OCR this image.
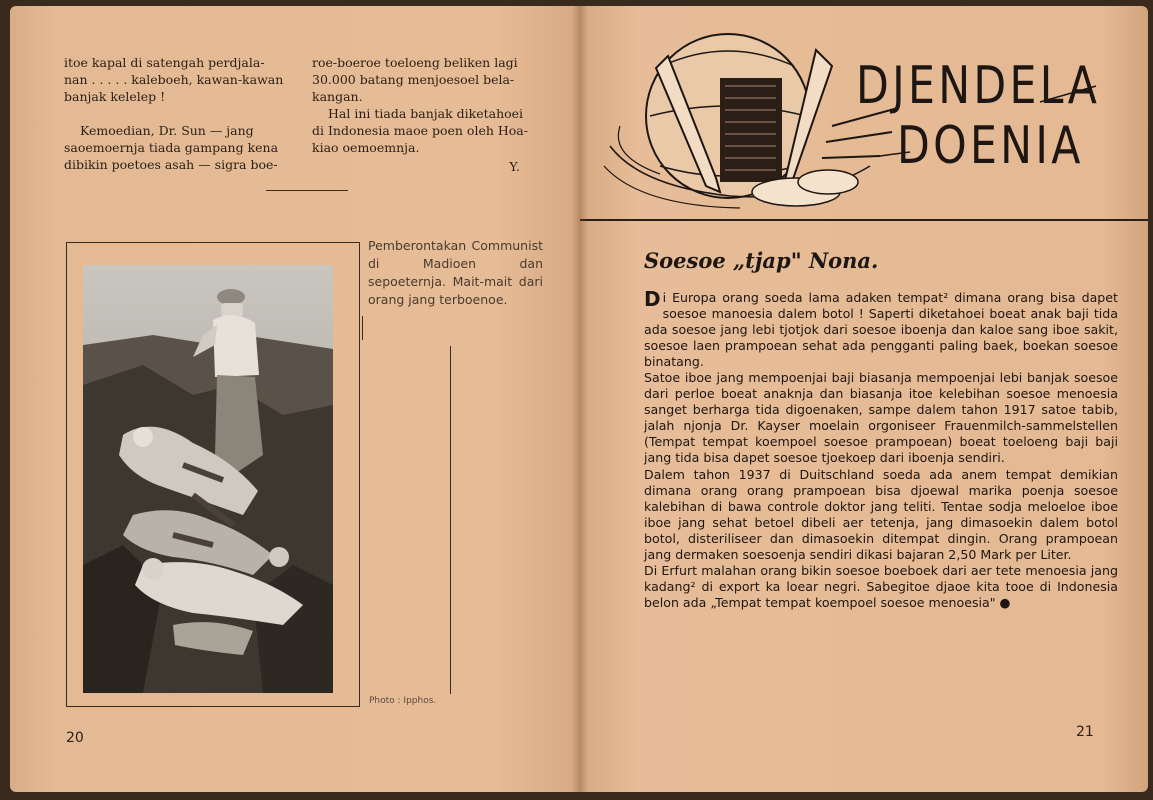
itoe kapal di satengah perdjala-

nan . . . . . kaleboeh, kawan-kawan

banjak kelelep !

Kemoedian, Dr. Sun — jang

saoemoernja tiada gampang kena

dibikin poetoes asah — sigra boe-

roe-boeroe toeloeng beliken lagi

30.000 batang menjoesoel bela-

kangan.

Hal ini tiada banjak diketahoei

di Indonesia maoe poen oleh Hoa-

kiao oemoemnja.

Y.

Pemberontakan Communist di Madioen dan sepoeternja. Mait-mait dari orang jang terboenoe.
Photo : Ipphos.
20
DJENDELA
DOENIA
Soesoe „tjap" Nona.

Di Europa orang soeda lama adaken tempat² dimana orang bisa dapet soesoe manoesia dalem botol ! Saperti diketahoei boeat anak baji tida ada soesoe jang lebi tjotjok dari soesoe iboenja dan kaloe sang iboe sakit, soesoe laen prampoean sehat ada pengganti paling baek, boekan soesoe binatang.

Satoe iboe jang mempoenjai baji biasanja mempoenjai lebi banjak soesoe dari perloe boeat anaknja dan biasanja itoe kelebihan soesoe menoesia sanget berharga tida digoenaken, sampe dalem tahon 1917 satoe tabib, jalah njonja Dr. Kayser moelain orgoniseer Frauenmilch-sammelstellen (Tempat tempat koempoel soesoe prampoean) boeat toeloeng baji baji jang tida bisa dapet soesoe tjoekoep dari iboenja sendiri.

Dalem tahon 1937 di Duitschland soeda ada anem tempat demikian dimana orang orang prampoean bisa djoewal marika poenja soesoe kalebihan di bawa controle doktor jang teliti. Tentae sodja meloeloe iboe iboe jang sehat betoel dibeli aer tetenja, jang dimasoekin dalem botol botol, disteriliseer dan dimasoekin ditempat dingin. Orang prampoean jang dermaken soesoenja sendiri dikasi bajaran 2,50 Mark per Liter.

Di Erfurt malahan orang bikin soesoe boeboek dari aer tete menoesia jang kadang² di export ka loear negri. Sabegitoe djaoe kita tooe di Indonesia belon ada „Tempat tempat koempoel soesoe menoesia" ●

21
